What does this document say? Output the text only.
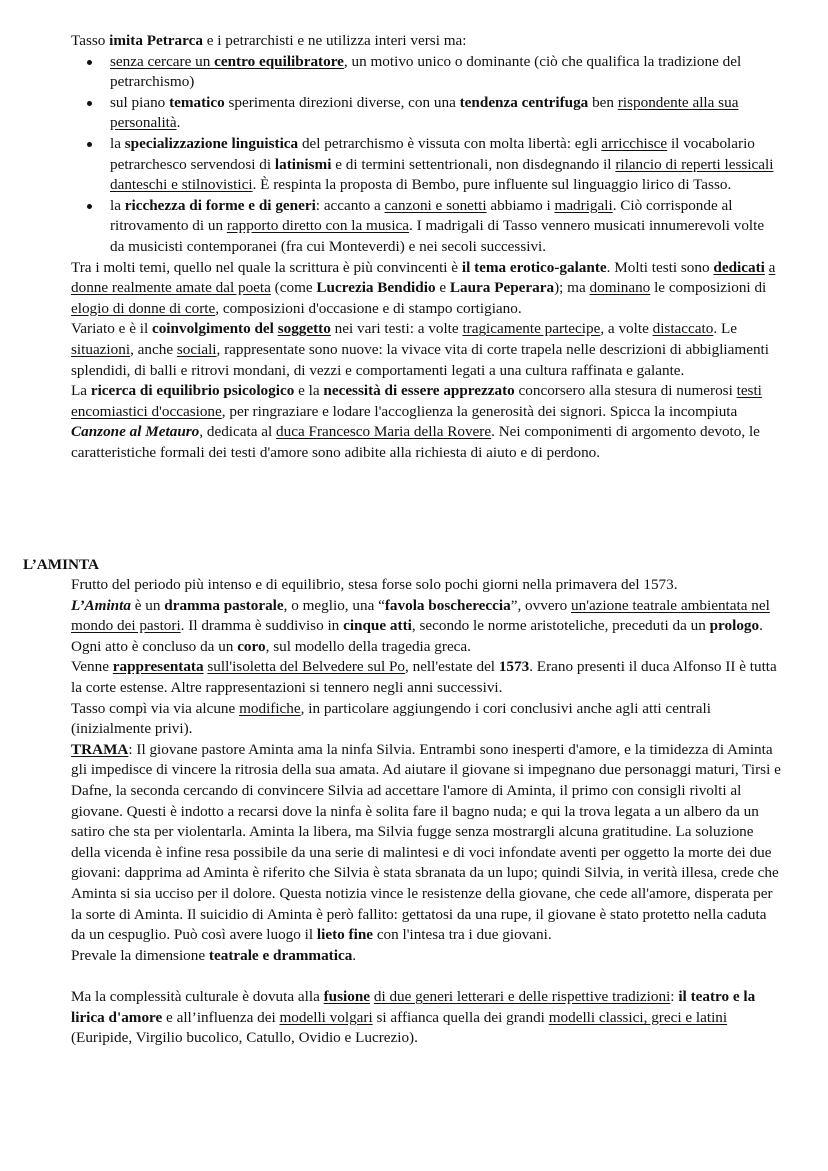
Tasso imita Petrarca e i petrarchisti e ne utilizza interi versi ma:

senza cercare un centro equilibratore, un motivo unico o dominante (ciò che qualifica la tradizione del petrarchismo)
sul piano tematico sperimenta direzioni diverse, con una tendenza centrifuga ben rispondente alla sua personalità.
la specializzazione linguistica del petrarchismo è vissuta con molta libertà: egli arricchisce il vocabolario petrarchesco servendosi di latinismi e di termini settentrionali, non disdegnando il rilancio di reperti lessicali danteschi e stilnovistici. È respinta la proposta di Bembo, pure influente sul linguaggio lirico di Tasso.
la ricchezza di forme e di generi: accanto a canzoni e sonetti abbiamo i madrigali. Ciò corrisponde al ritrovamento di un rapporto diretto con la musica. I madrigali di Tasso vennero musicati innumerevoli volte da musicisti contemporanei (fra cui Monteverdi) e nei secoli successivi.

Tra i molti temi, quello nel quale la scrittura è più convincenti è il tema erotico-galante. Molti testi sono dedicati a donne realmente amate dal poeta (come Lucrezia Bendidio e Laura Peperara); ma dominano le composizioni di elogio di donne di corte, composizioni d'occasione e di stampo cortigiano.

Variato e è il coinvolgimento del soggetto nei vari testi: a volte tragicamente partecipe, a volte distaccato. Le situazioni, anche sociali, rappresentate sono nuove: la vivace vita di corte trapela nelle descrizioni di abbigliamenti splendidi, di balli e ritrovi mondani, di vezzi e comportamenti legati a una cultura raffinata e galante.

La ricerca di equilibrio psicologico e la necessità di essere apprezzato concorsero alla stesura di numerosi testi encomiastici d'occasione, per ringraziare e lodare l'accoglienza la generosità dei signori. Spicca la incompiuta Canzone al Metauro, dedicata al duca Francesco Maria della Rovere. Nei componimenti di argomento devoto, le caratteristiche formali dei testi d'amore sono adibite alla richiesta di aiuto e di perdono.

L’AMINTA

Frutto del periodo più intenso e di equilibrio, stesa forse solo pochi giorni nella primavera del 1573.

L’Aminta è un dramma pastorale, o meglio, una “favola boschereccia”, ovvero un'azione teatrale ambientata nel mondo dei pastori. Il dramma è suddiviso in cinque atti, secondo le norme aristoteliche, preceduti da un prologo. Ogni atto è concluso da un coro, sul modello della tragedia greca.

Venne rappresentata sull'isoletta del Belvedere sul Po, nell'estate del 1573. Erano presenti il duca Alfonso II è tutta la corte estense. Altre rappresentazioni si tennero negli anni successivi.

Tasso compì via via alcune modifiche, in particolare aggiungendo i cori conclusivi anche agli atti centrali (inizialmente privi).

TRAMA: Il giovane pastore Aminta ama la ninfa Silvia. Entrambi sono inesperti d'amore, e la timidezza di Aminta gli impedisce di vincere la ritrosia della sua amata. Ad aiutare il giovane si impegnano due personaggi maturi, Tirsi e Dafne, la seconda cercando di convincere Silvia ad accettare l'amore di Aminta, il primo con consigli rivolti al giovane. Questi è indotto a recarsi dove la ninfa è solita fare il bagno nuda; e qui la trova legata a un albero da un satiro che sta per violentarla. Aminta la libera, ma Silvia fugge senza mostrargli alcuna gratitudine. La soluzione della vicenda è infine resa possibile da una serie di malintesi e di voci infondate aventi per oggetto la morte dei due giovani: dapprima ad Aminta è riferito che Silvia è stata sbranata da un lupo; quindi Silvia, in verità illesa, crede che Aminta si sia ucciso per il dolore. Questa notizia vince le resistenze della giovane, che cede all'amore, disperata per la sorte di Aminta. Il suicidio di Aminta è però fallito: gettatosi da una rupe, il giovane è stato protetto nella caduta da un cespuglio. Può così avere luogo il lieto fine con l'intesa tra i due giovani.

Prevale la dimensione teatrale e drammatica.

Ma la complessità culturale è dovuta alla fusione di due generi letterari e delle rispettive tradizioni: il teatro e la lirica d'amore e all’influenza dei modelli volgari si affianca quella dei grandi modelli classici, greci e latini (Euripide, Virgilio bucolico, Catullo, Ovidio e Lucrezio).
